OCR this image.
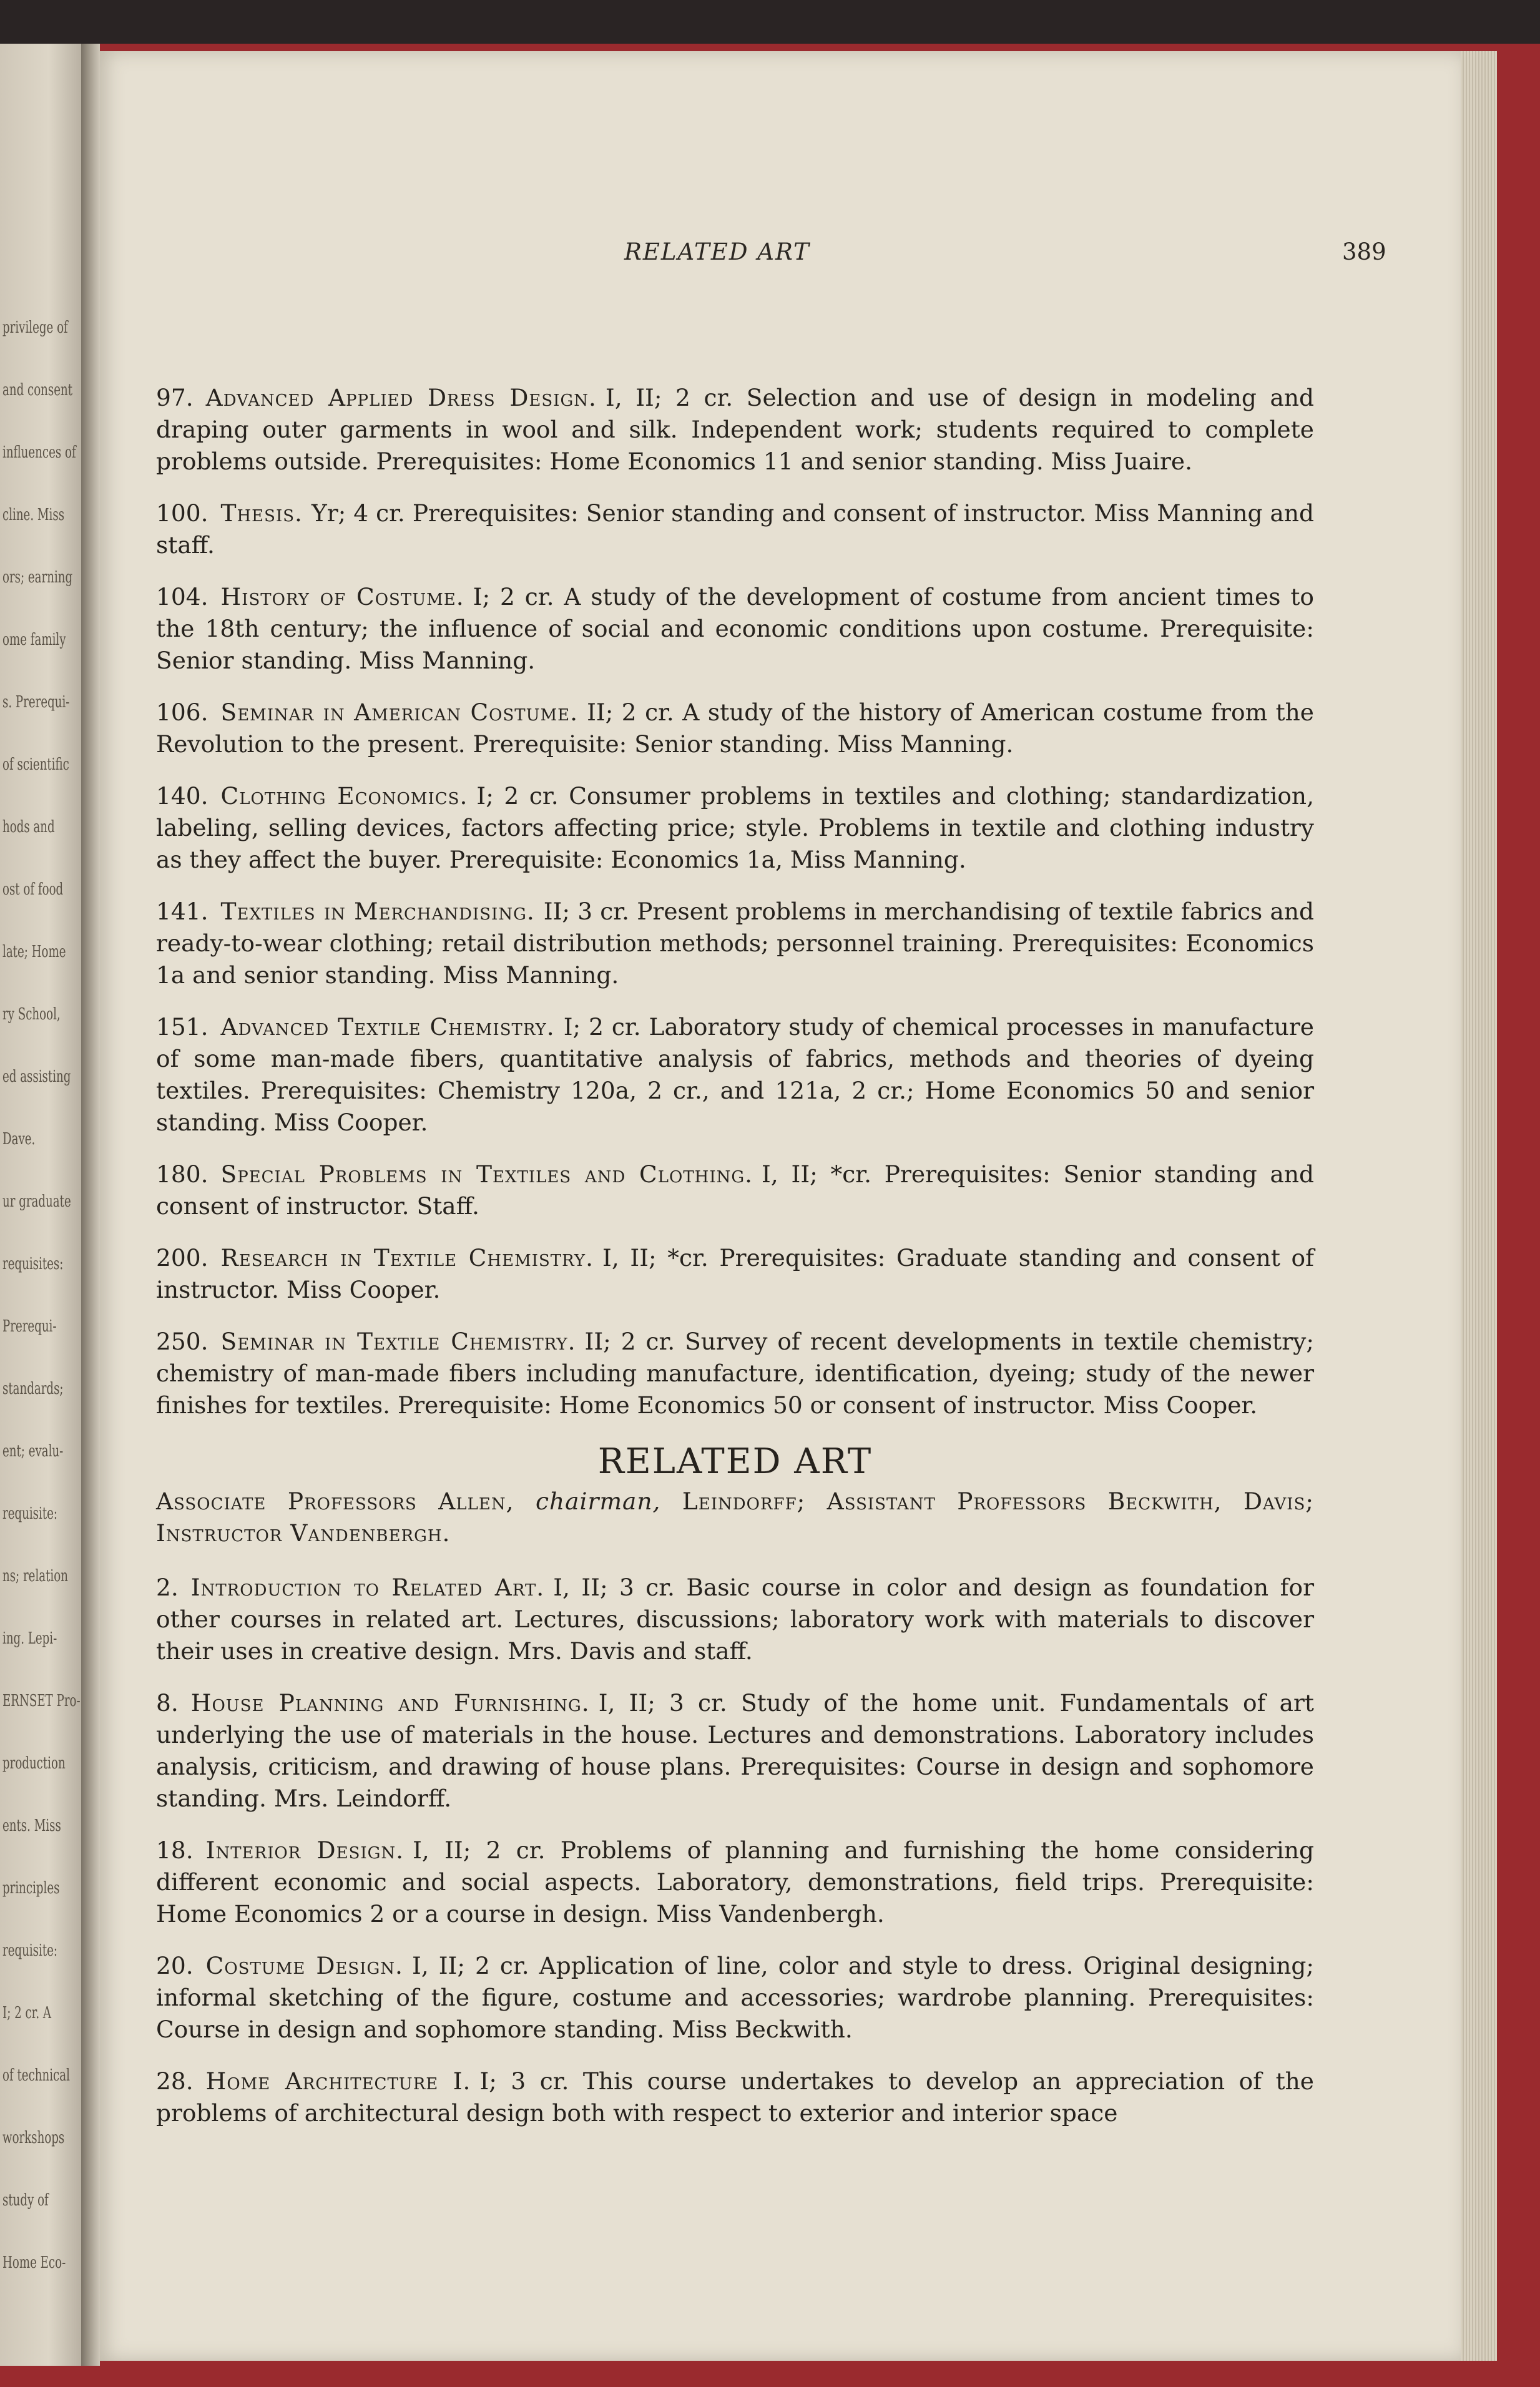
privilege of
and consent
influences of
cline. Miss
ors; earning
ome family
s. Prerequi-
of scientific
hods and
ost of food
late; Home
ry School,
ed assisting
Dave.
ur graduate
requisites:
Prerequi-
standards;
ent; evalu-
requisite:
ns; relation
ing. Lepi-
ERNSET Pro-
production
ents. Miss
principles
requisite:
I; 2 cr. A
of technical
workshops
study of
Home Eco-
RELATED ART	389

97. Advanced Applied Dress Design. I, II; 2 cr. Selection and use of design in modeling and draping outer garments in wool and silk. Independent work; students required to complete problems outside. Prerequisites: Home Economics 11 and senior standing. Miss Juaire.

100. Thesis. Yr; 4 cr. Prerequisites: Senior standing and consent of instructor. Miss Manning and staff.

104. History of Costume. I; 2 cr. A study of the development of costume from ancient times to the 18th century; the influence of social and economic conditions upon costume. Prerequisite: Senior standing. Miss Manning.

106. Seminar in American Costume. II; 2 cr. A study of the history of American costume from the Revolution to the present. Prerequisite: Senior standing. Miss Manning.

140. Clothing Economics. I; 2 cr. Consumer problems in textiles and clothing; standardization, labeling, selling devices, factors affecting price; style. Problems in textile and clothing industry as they affect the buyer. Prerequisite: Economics 1a, Miss Manning.

141. Textiles in Merchandising. II; 3 cr. Present problems in merchandising of textile fabrics and ready-to-wear clothing; retail distribution methods; personnel training. Prerequisites: Economics 1a and senior standing. Miss Manning.

151. Advanced Textile Chemistry. I; 2 cr. Laboratory study of chemical processes in manufacture of some man-made fibers, quantitative analysis of fabrics, methods and theories of dyeing textiles. Prerequisites: Chemistry 120a, 2 cr., and 121a, 2 cr.; Home Economics 50 and senior standing. Miss Cooper.

180. Special Problems in Textiles and Clothing. I, II; *cr. Prerequisites: Senior standing and consent of instructor. Staff.

200. Research in Textile Chemistry. I, II; *cr. Prerequisites: Graduate standing and consent of instructor. Miss Cooper.

250. Seminar in Textile Chemistry. II; 2 cr. Survey of recent developments in textile chemistry; chemistry of man-made fibers including manufacture, identification, dyeing; study of the newer finishes for textiles. Prerequisite: Home Economics 50 or consent of instructor. Miss Cooper.

RELATED ART

Associate Professors Allen, chairman, Leindorff; Assistant Professors Beckwith, Davis; Instructor Vandenbergh.

2. Introduction to Related Art. I, II; 3 cr. Basic course in color and design as foundation for other courses in related art. Lectures, discussions; laboratory work with materials to discover their uses in creative design. Mrs. Davis and staff.

8. House Planning and Furnishing. I, II; 3 cr. Study of the home unit. Fundamentals of art underlying the use of materials in the house. Lectures and demonstrations. Laboratory includes analysis, criticism, and drawing of house plans. Prerequisites: Course in design and sophomore standing. Mrs. Leindorff.

18. Interior Design. I, II; 2 cr. Problems of planning and furnishing the home considering different economic and social aspects. Laboratory, demonstrations, field trips. Prerequisite: Home Economics 2 or a course in design. Miss Vandenbergh.

20. Costume Design. I, II; 2 cr. Application of line, color and style to dress. Original designing; informal sketching of the figure, costume and accessories; wardrobe planning. Prerequisites: Course in design and sophomore standing. Miss Beckwith.

28. Home Architecture I. I; 3 cr. This course undertakes to develop an appreciation of the problems of architectural design both with respect to exterior and interior space
